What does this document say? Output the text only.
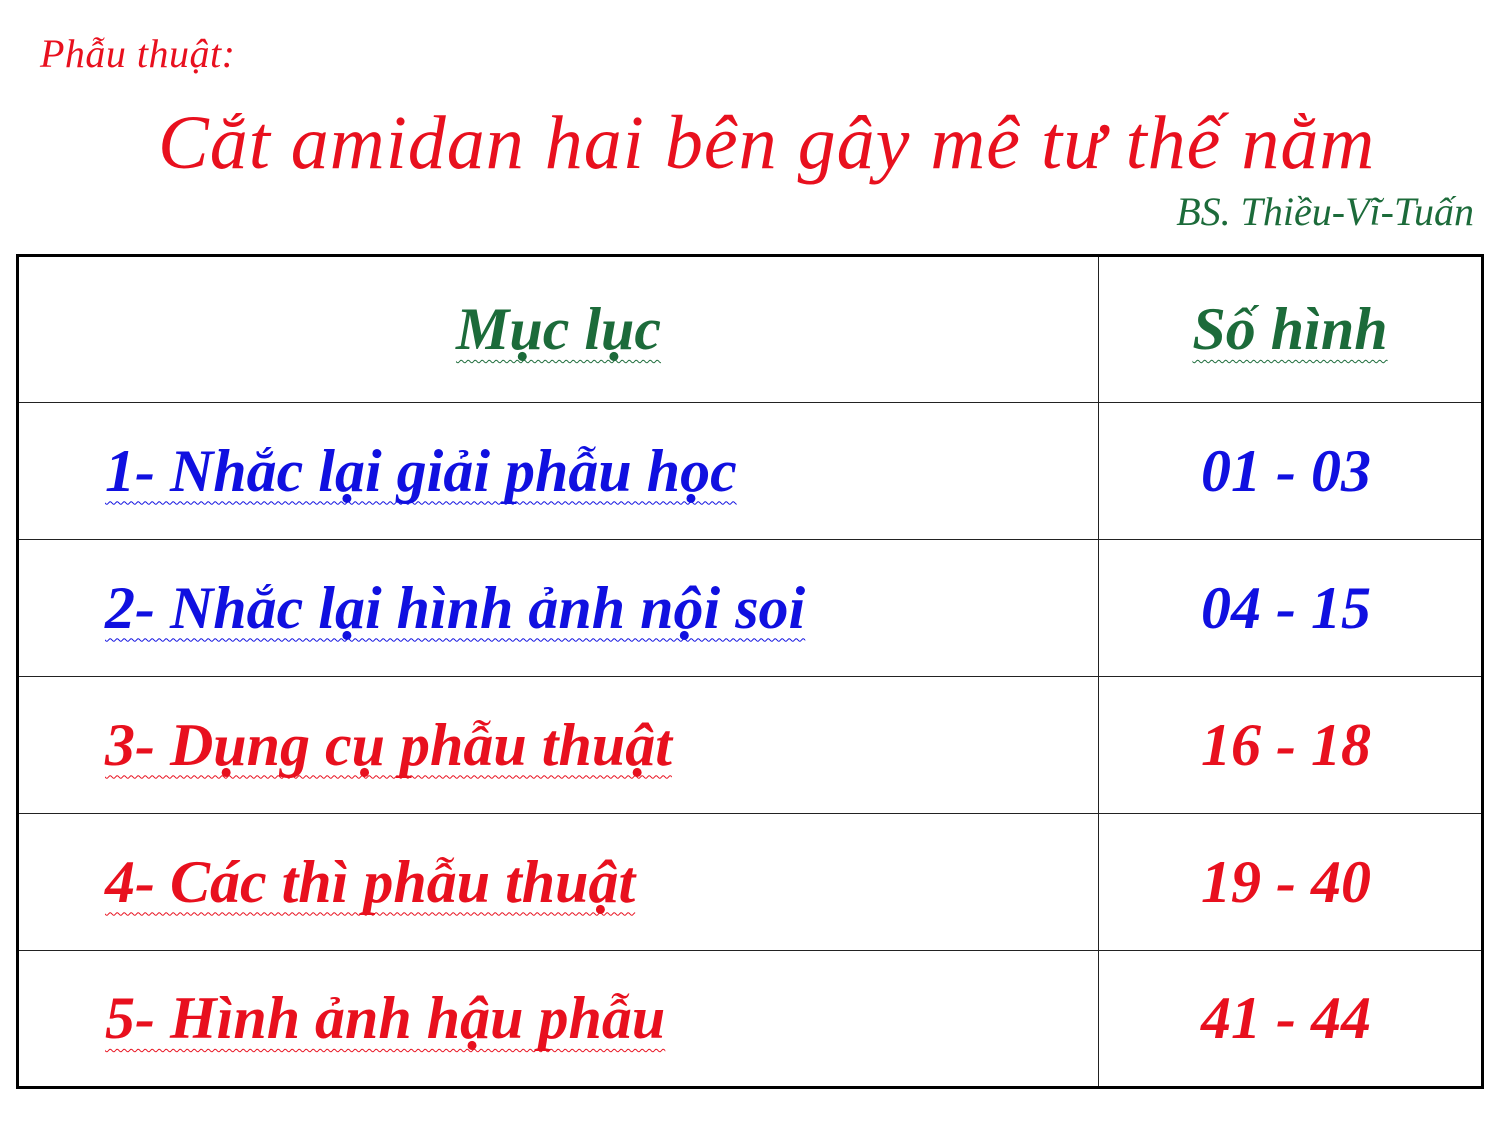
Phẫu thuật:
Cắt amidan hai bên gây mê tư thế nằm
BS. Thiều-Vĩ-Tuấn
Mục lục	Số hình
1- Nhắc lại giải phẫu học	01 - 03
2- Nhắc lại hình ảnh nội soi	04 - 15
3- Dụng cụ phẫu thuật	16 - 18
4- Các thì phẫu thuật	19 - 40
5- Hình ảnh hậu phẫu	41 - 44
